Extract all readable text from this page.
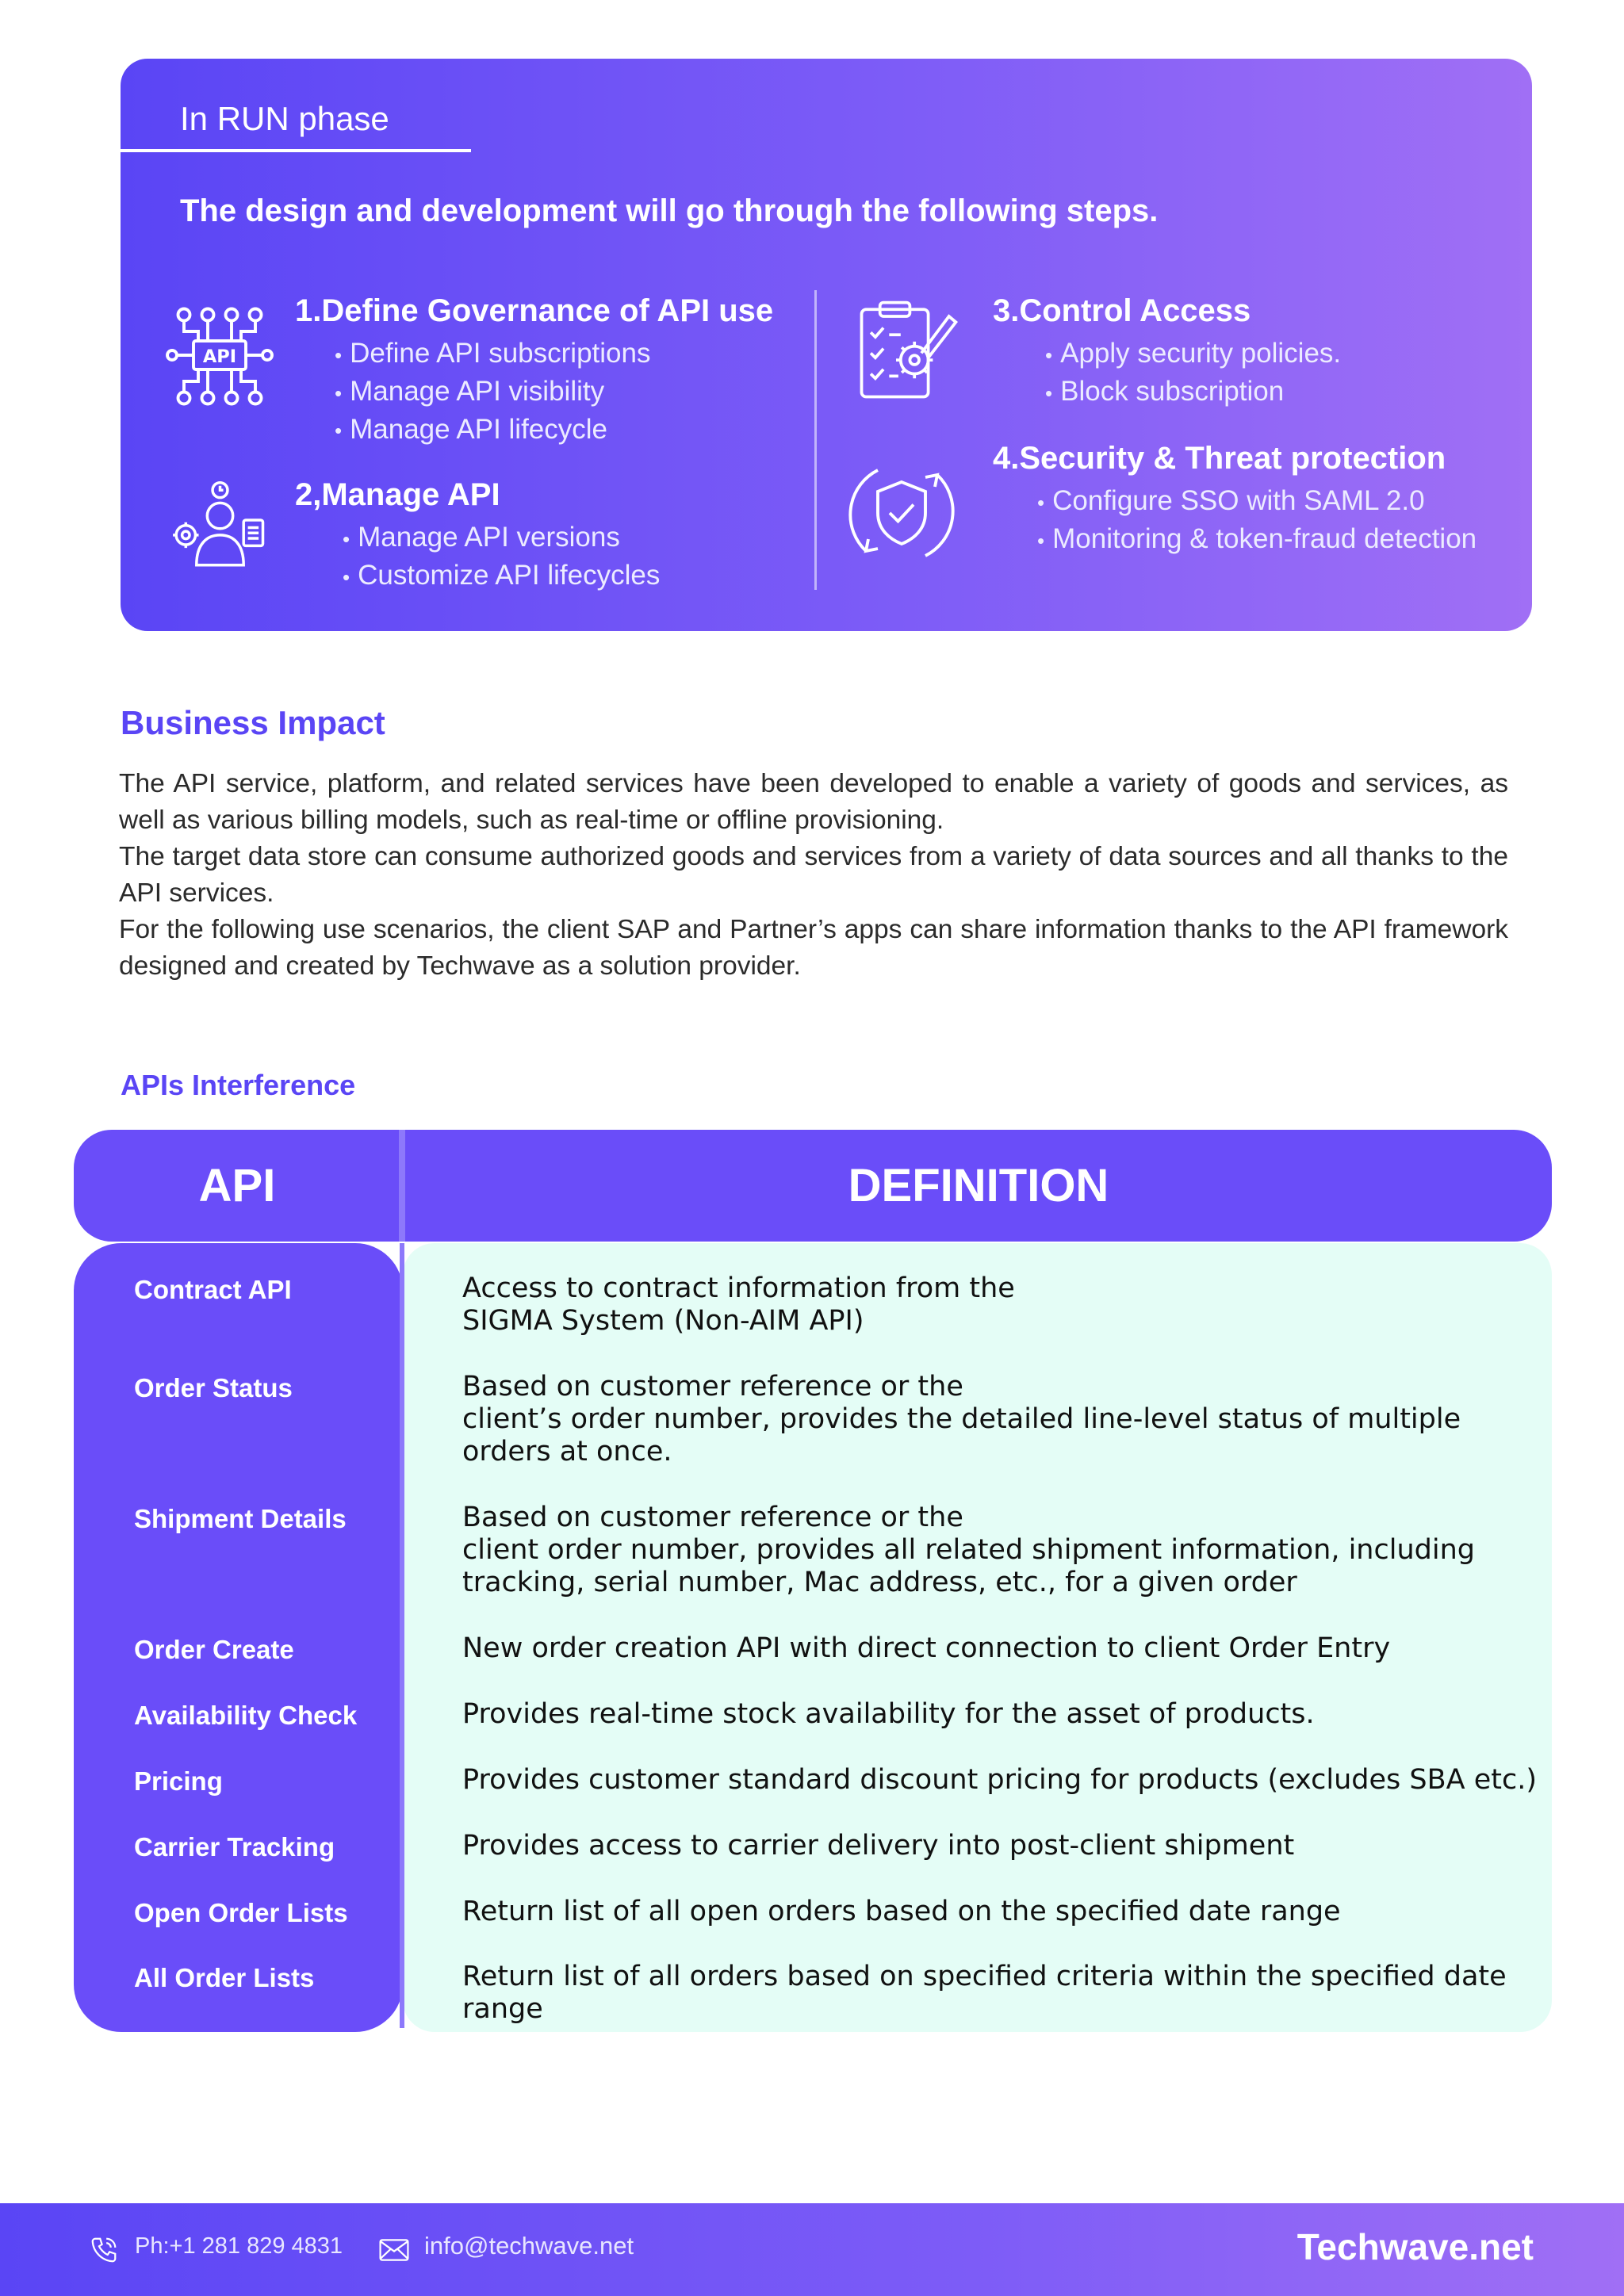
In RUN phase
The design and development will go through the following steps.
API
1.Define Governance of API use
• Define API subscriptions
• Manage API visibility
• Manage API lifecycle
2,Manage API
• Manage API versions
• Customize API lifecycles
3.Control Access
• Apply security policies.
• Block subscription
4.Security & Threat protection
• Configure SSO with SAML 2.0
• Monitoring & token-fraud detection
Business Impact

The API service, platform, and related services have been developed to enable a variety of goods and services, as well as various billing models, such as real-time or offline provisioning.

The target data store can consume authorized goods and services from a variety of data sources and all thanks to the API services.

For the following use scenarios, the client SAP and Partner’s apps can share information thanks to the API framework designed and created by Techwave as a solution provider.

APIs Interference
API	DEFINITION
Contract API	Access to contract information from the
SIGMA System (Non-AIM API)
Order Status	Based on customer reference or the
client’s order number, provides the detailed line-level status of multiple
orders at once.
Shipment Details	Based on customer reference or the
client order number, provides all related shipment information, including
tracking, serial number, Mac address, etc., for a given order
Order Create	New order creation API with direct connection to client Order Entry
Availability Check	Provides real-time stock availability for the asset of products.
Pricing	Provides customer standard discount pricing for products (excludes SBA etc.)
Carrier Tracking	Provides access to carrier delivery into post-client shipment
Open Order Lists	Return list of all open orders based on the specified date range
All Order Lists	Return list of all orders based on specified criteria within the specified date range
Ph:+1 281 829 4831	info@techwave.net	Techwave.net
